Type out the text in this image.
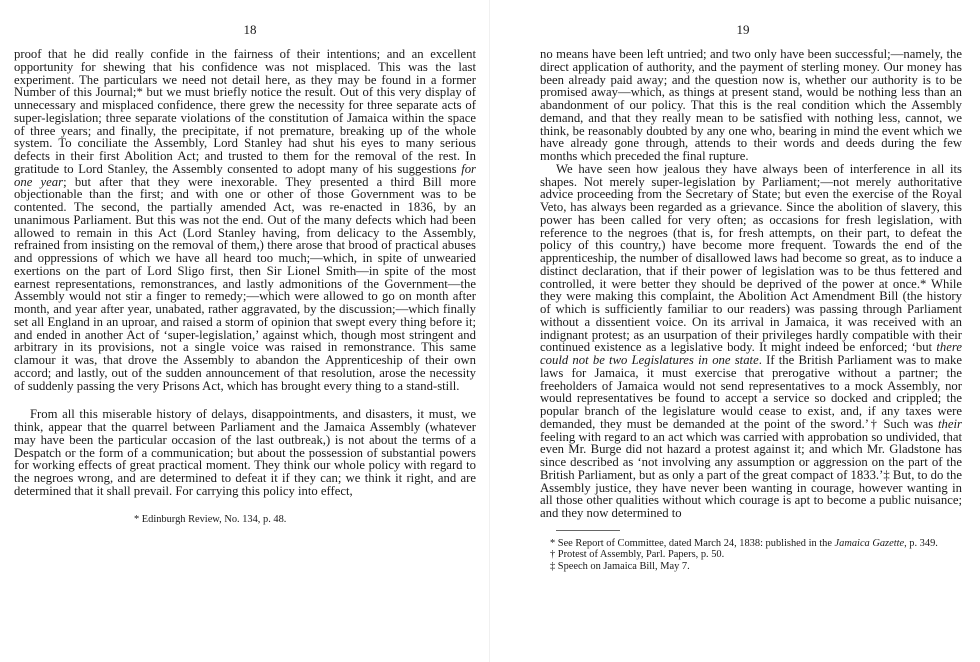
18

proof that he did really confide in the fairness of their intentions; and an excellent opportunity for shewing that his confidence was not misplaced. This was the last experiment. The particulars we need not detail here, as they may be found in a former Number of this Journal;* but we must briefly notice the result. Out of this very display of unnecessary and misplaced confidence, there grew the necessity for three separate acts of super-legislation; three separate violations of the constitution of Jamaica within the space of three years; and finally, the precipitate, if not premature, breaking up of the whole system. To conciliate the Assembly, Lord Stanley had shut his eyes to many serious defects in their first Abolition Act; and trusted to them for the removal of the rest. In gratitude to Lord Stanley, the Assembly consented to adopt many of his suggestions for one year; but after that they were inexorable. They presented a third Bill more objectionable than the first; and with one or other of those Government was to be contented. The second, the partially amended Act, was re-enacted in 1836, by an unanimous Parliament. But this was not the end. Out of the many defects which had been allowed to remain in this Act (Lord Stanley having, from delicacy to the Assembly, refrained from insisting on the removal of them,) there arose that brood of practical abuses and oppressions of which we have all heard too much;—which, in spite of unwearied exertions on the part of Lord Sligo first, then Sir Lionel Smith—in spite of the most earnest representations, remonstrances, and lastly admonitions of the Government—the Assembly would not stir a finger to remedy;—which were allowed to go on month after month, and year after year, unabated, rather aggravated, by the discussion;—which finally set all England in an uproar, and raised a storm of opinion that swept every thing before it; and ended in another Act of ‘super-legislation,’ against which, though most stringent and arbitrary in its provisions, not a single voice was raised in remonstrance. This same clamour it was, that drove the Assembly to abandon the Apprenticeship of their own accord; and lastly, out of the sudden announcement of that resolution, arose the necessity of suddenly passing the very Prisons Act, which has brought every thing to a stand-still.

From all this miserable history of delays, disappointments, and disasters, it must, we think, appear that the quarrel between Parliament and the Jamaica Assembly (whatever may have been the particular occasion of the last outbreak,) is not about the terms of a Despatch or the form of a communication; but about the possession of substantial powers for working effects of great practical moment. They think our whole policy with regard to the negroes wrong, and are determined to defeat it if they can; we think it right, and are determined that it shall prevail. For carrying this policy into effect,

* Edinburgh Review, No. 134, p. 48.

19

no means have been left untried; and two only have been successful;—namely, the direct application of authority, and the payment of sterling money. Our money has been already paid away; and the question now is, whether our authority is to be promised away—which, as things at present stand, would be nothing less than an abandonment of our policy. That this is the real condition which the Assembly demand, and that they really mean to be satisfied with nothing less, cannot, we think, be reasonably doubted by any one who, bearing in mind the event which we have already gone through, attends to their words and deeds during the few months which preceded the final rupture.

We have seen how jealous they have always been of interference in all its shapes. Not merely super-legislation by Parliament;—not merely authoritative advice proceeding from the Secretary of State; but even the exercise of the Royal Veto, has always been regarded as a grievance. Since the abolition of slavery, this power has been called for very often; as occasions for fresh legislation, with reference to the negroes (that is, for fresh attempts, on their part, to defeat the policy of this country,) have become more frequent. Towards the end of the apprenticeship, the number of disallowed laws had become so great, as to induce a distinct declaration, that if their power of legislation was to be thus fettered and controlled, it were better they should be deprived of the power at once.* While they were making this complaint, the Abolition Act Amendment Bill (the history of which is sufficiently familiar to our readers) was passing through Parliament without a dissentient voice. On its arrival in Jamaica, it was received with an indignant protest; as an usurpation of their privileges hardly compatible with their continued existence as a legislative body. It might indeed be enforced; ‘but there could not be two Legislatures in one state. If the British Parliament was to make laws for Jamaica, it must exercise that prerogative without a partner; the freeholders of Jamaica would not send representatives to a mock Assembly, nor would representatives be found to accept a service so docked and crippled; the popular branch of the legislature would cease to exist, and, if any taxes were demanded, they must be demanded at the point of the sword.’† Such was their feeling with regard to an act which was carried with approbation so undivided, that even Mr. Burge did not hazard a protest against it; and which Mr. Gladstone has since described as ‘not involving any assumption or aggression on the part of the British Parliament, but as only a part of the great compact of 1833.’‡ But, to do the Assembly justice, they have never been wanting in courage, however wanting in all those other qualities without which courage is apt to become a public nuisance; and they now determined to

* See Report of Committee, dated March 24, 1838: published in the Jamaica Gazette, p. 349.

† Protest of Assembly, Parl. Papers, p. 50.

‡ Speech on Jamaica Bill, May 7.
